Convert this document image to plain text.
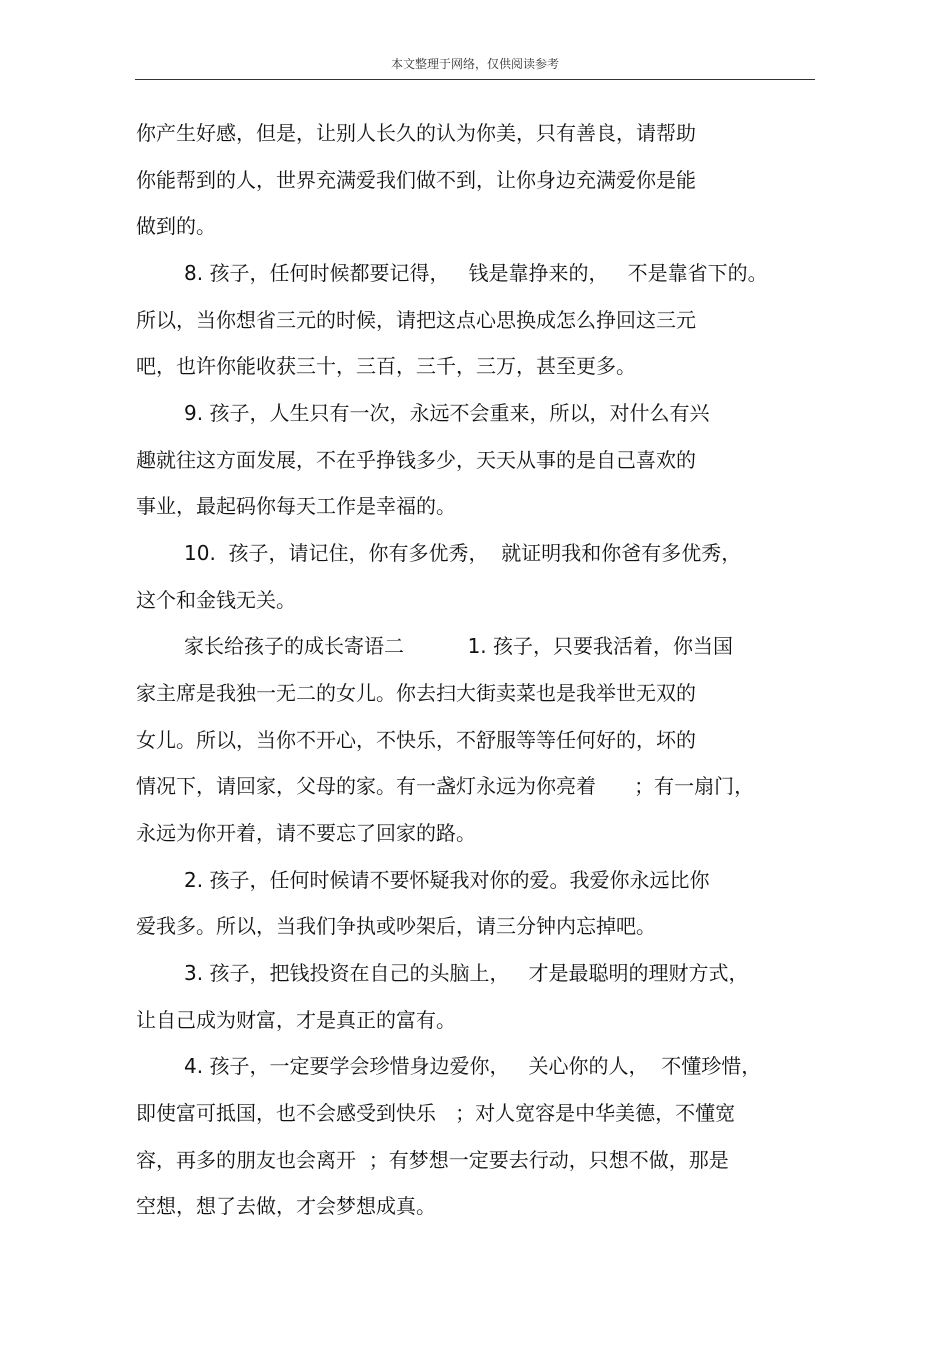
本文整理于网络，仅供阅读参考
你产生好感，但是，让别人长久的认为你美，只有善良，请帮助
你能帮到的人，世界充满爱我们做不到，让你身边充满爱你是能
做到的。
8. 孩子，任何时候都要记得，   钱是靠挣来的，   不是靠省下的。
所以，当你想省三元的时候，请把这点心思换成怎么挣回这三元
吧，也许你能收获三十，三百，三千，三万，甚至更多。
9. 孩子，人生只有一次，永远不会重来，所以，对什么有兴
趣就往这方面发展，不在乎挣钱多少，天天从事的是自己喜欢的
事业，最起码你每天工作是幸福的。
10.  孩子，请记住，你有多优秀，  就证明我和你爸有多优秀，
这个和金钱无关。
家长给孩子的成长寄语二          1. 孩子，只要我活着，你当国
家主席是我独一无二的女儿。你去扫大街卖菜也是我举世无双的
女儿。所以，当你不开心，不快乐，不舒服等等任何好的，坏的
情况下，请回家，父母的家。有一盏灯永远为你亮着      ；有一扇门，
永远为你开着，请不要忘了回家的路。
2. 孩子，任何时候请不要怀疑我对你的爱。我爱你永远比你
爱我多。所以，当我们争执或吵架后，请三分钟内忘掉吧。
3. 孩子，把钱投资在自己的头脑上，   才是最聪明的理财方式，
让自己成为财富，才是真正的富有。
4. 孩子，一定要学会珍惜身边爱你，   关心你的人，  不懂珍惜，
即使富可抵国，也不会感受到快乐   ；对人宽容是中华美德，不懂宽
容，再多的朋友也会离开  ；有梦想一定要去行动，只想不做，那是
空想，想了去做，才会梦想成真。
